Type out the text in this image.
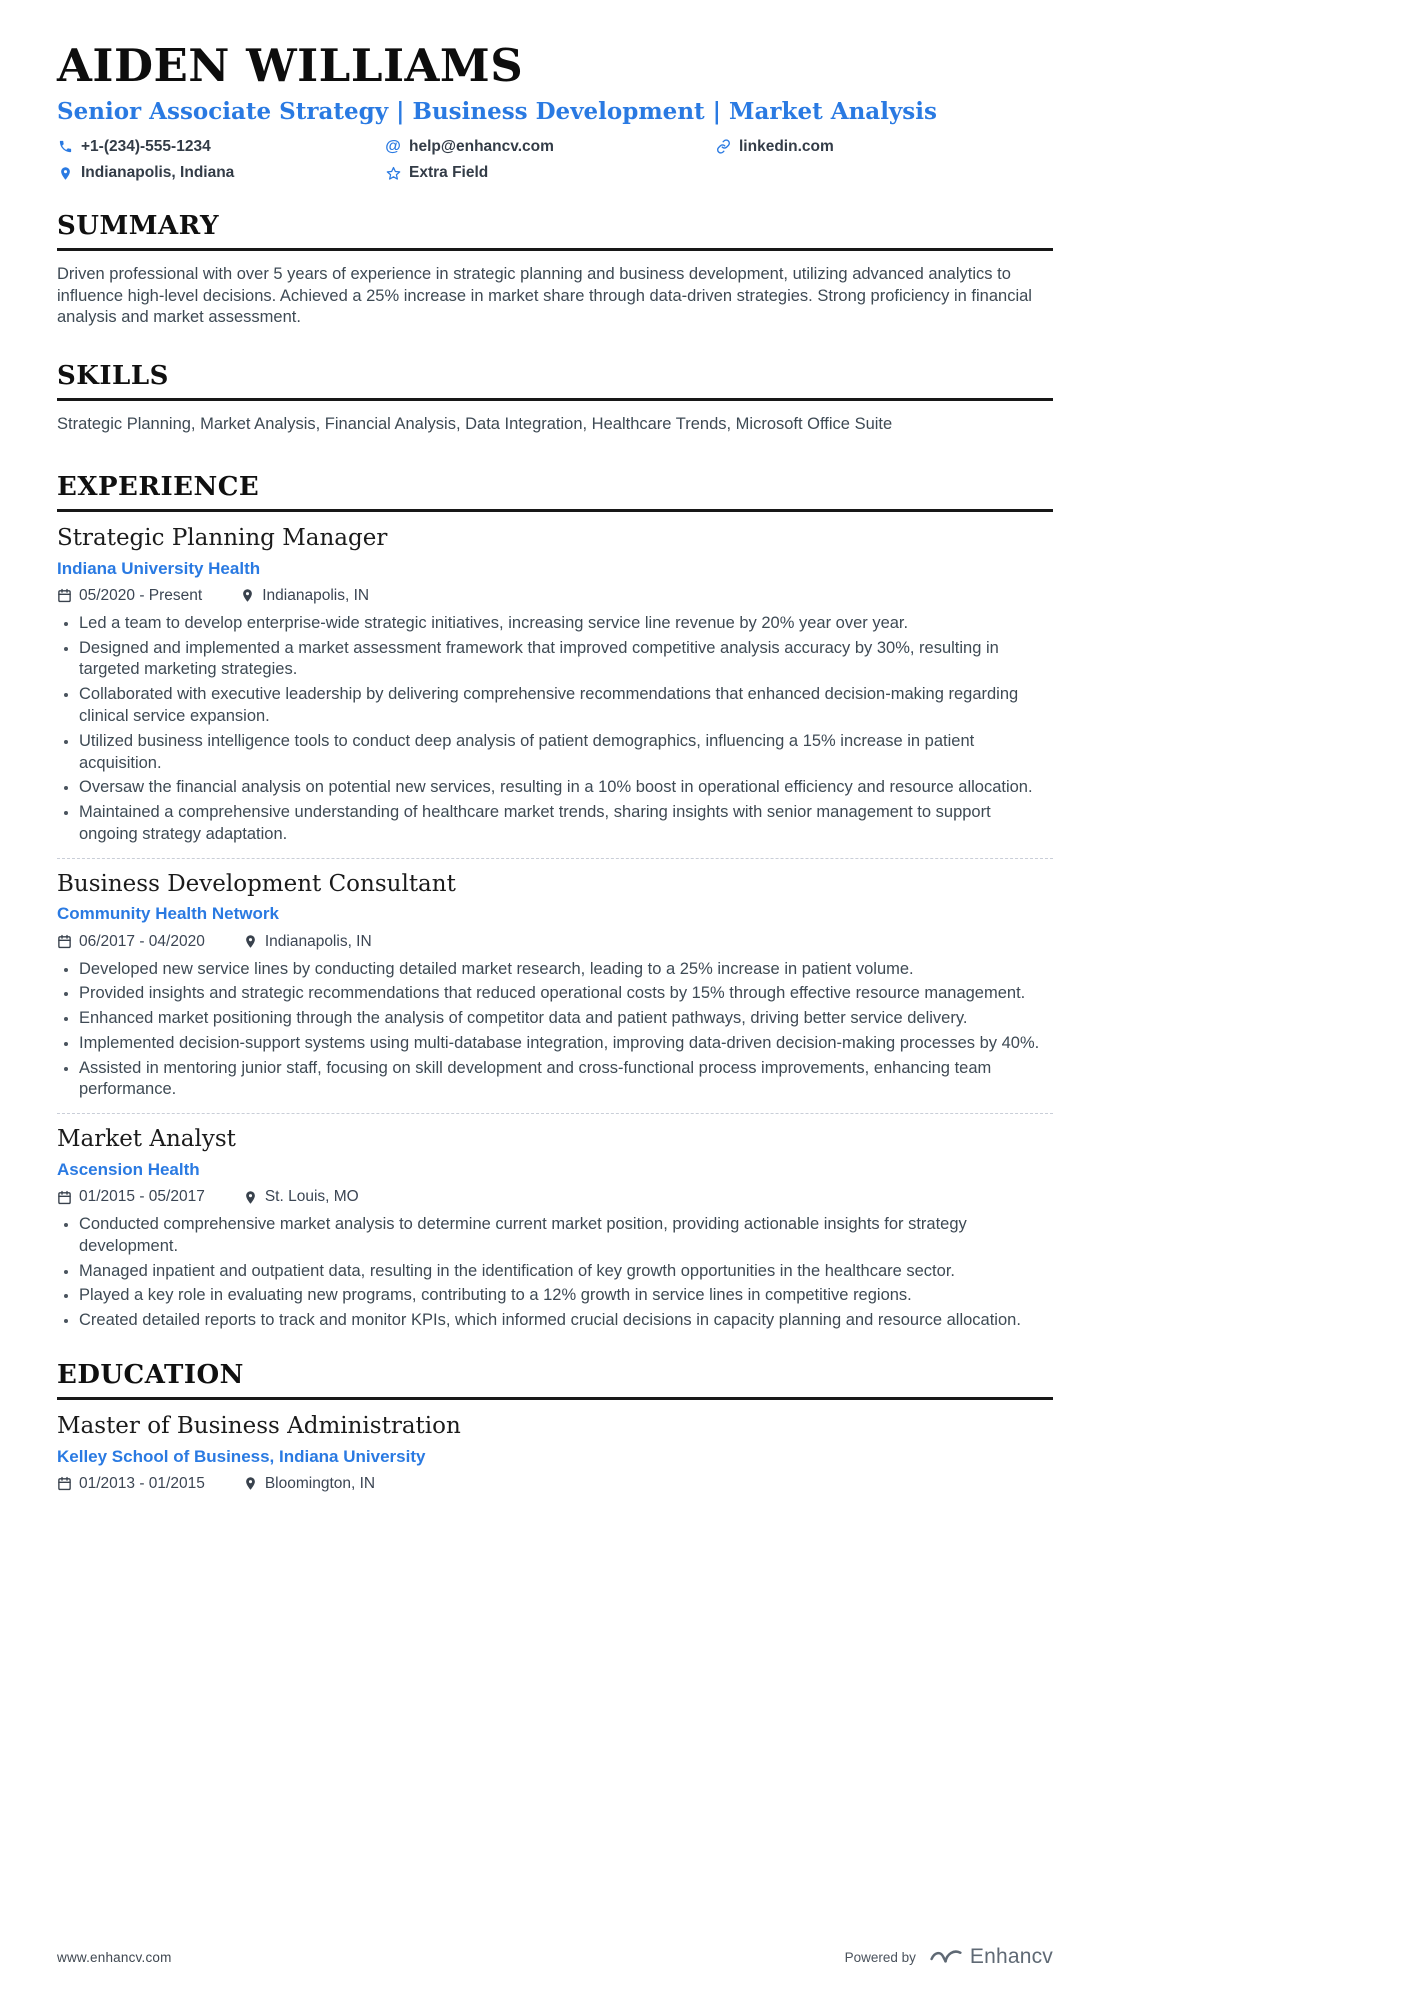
AIDEN WILLIAMS
Senior Associate Strategy | Business Development | Market Analysis
+1-(234)-555-1234	@ help@enhancv.com	linkedin.com
Indianapolis, Indiana	Extra Field
SUMMARY

Driven professional with over 5 years of experience in strategic planning and business development, utilizing advanced analytics to influence high-level decisions. Achieved a 25% increase in market share through data-driven strategies. Strong proficiency in financial analysis and market assessment.

SKILLS

Strategic Planning, Market Analysis, Financial Analysis, Data Integration, Healthcare Trends, Microsoft Office Suite

EXPERIENCE

Strategic Planning Manager

Indiana University Health

05/2020 - Present	Indianapolis, IN
• Led a team to develop enterprise-wide strategic initiatives, increasing service line revenue by 20% year over year.
• Designed and implemented a market assessment framework that improved competitive analysis accuracy by 30%, resulting in targeted marketing strategies.
• Collaborated with executive leadership by delivering comprehensive recommendations that enhanced decision-making regarding clinical service expansion.
• Utilized business intelligence tools to conduct deep analysis of patient demographics, influencing a 15% increase in patient acquisition.
• Oversaw the financial analysis on potential new services, resulting in a 10% boost in operational efficiency and resource allocation.
• Maintained a comprehensive understanding of healthcare market trends, sharing insights with senior management to support ongoing strategy adaptation.

Business Development Consultant

Community Health Network

06/2017 - 04/2020	Indianapolis, IN
• Developed new service lines by conducting detailed market research, leading to a 25% increase in patient volume.
• Provided insights and strategic recommendations that reduced operational costs by 15% through effective resource management.
• Enhanced market positioning through the analysis of competitor data and patient pathways, driving better service delivery.
• Implemented decision-support systems using multi-database integration, improving data-driven decision-making processes by 40%.
• Assisted in mentoring junior staff, focusing on skill development and cross-functional process improvements, enhancing team performance.

Market Analyst

Ascension Health

01/2015 - 05/2017	St. Louis, MO
• Conducted comprehensive market analysis to determine current market position, providing actionable insights for strategy development.
• Managed inpatient and outpatient data, resulting in the identification of key growth opportunities in the healthcare sector.
• Played a key role in evaluating new programs, contributing to a 12% growth in service lines in competitive regions.
• Created detailed reports to track and monitor KPIs, which informed crucial decisions in capacity planning and resource allocation.
EDUCATION

Master of Business Administration

Kelley School of Business, Indiana University

01/2013 - 01/2015	Bloomington, IN
www.enhancv.com	Powered by	Enhancv
